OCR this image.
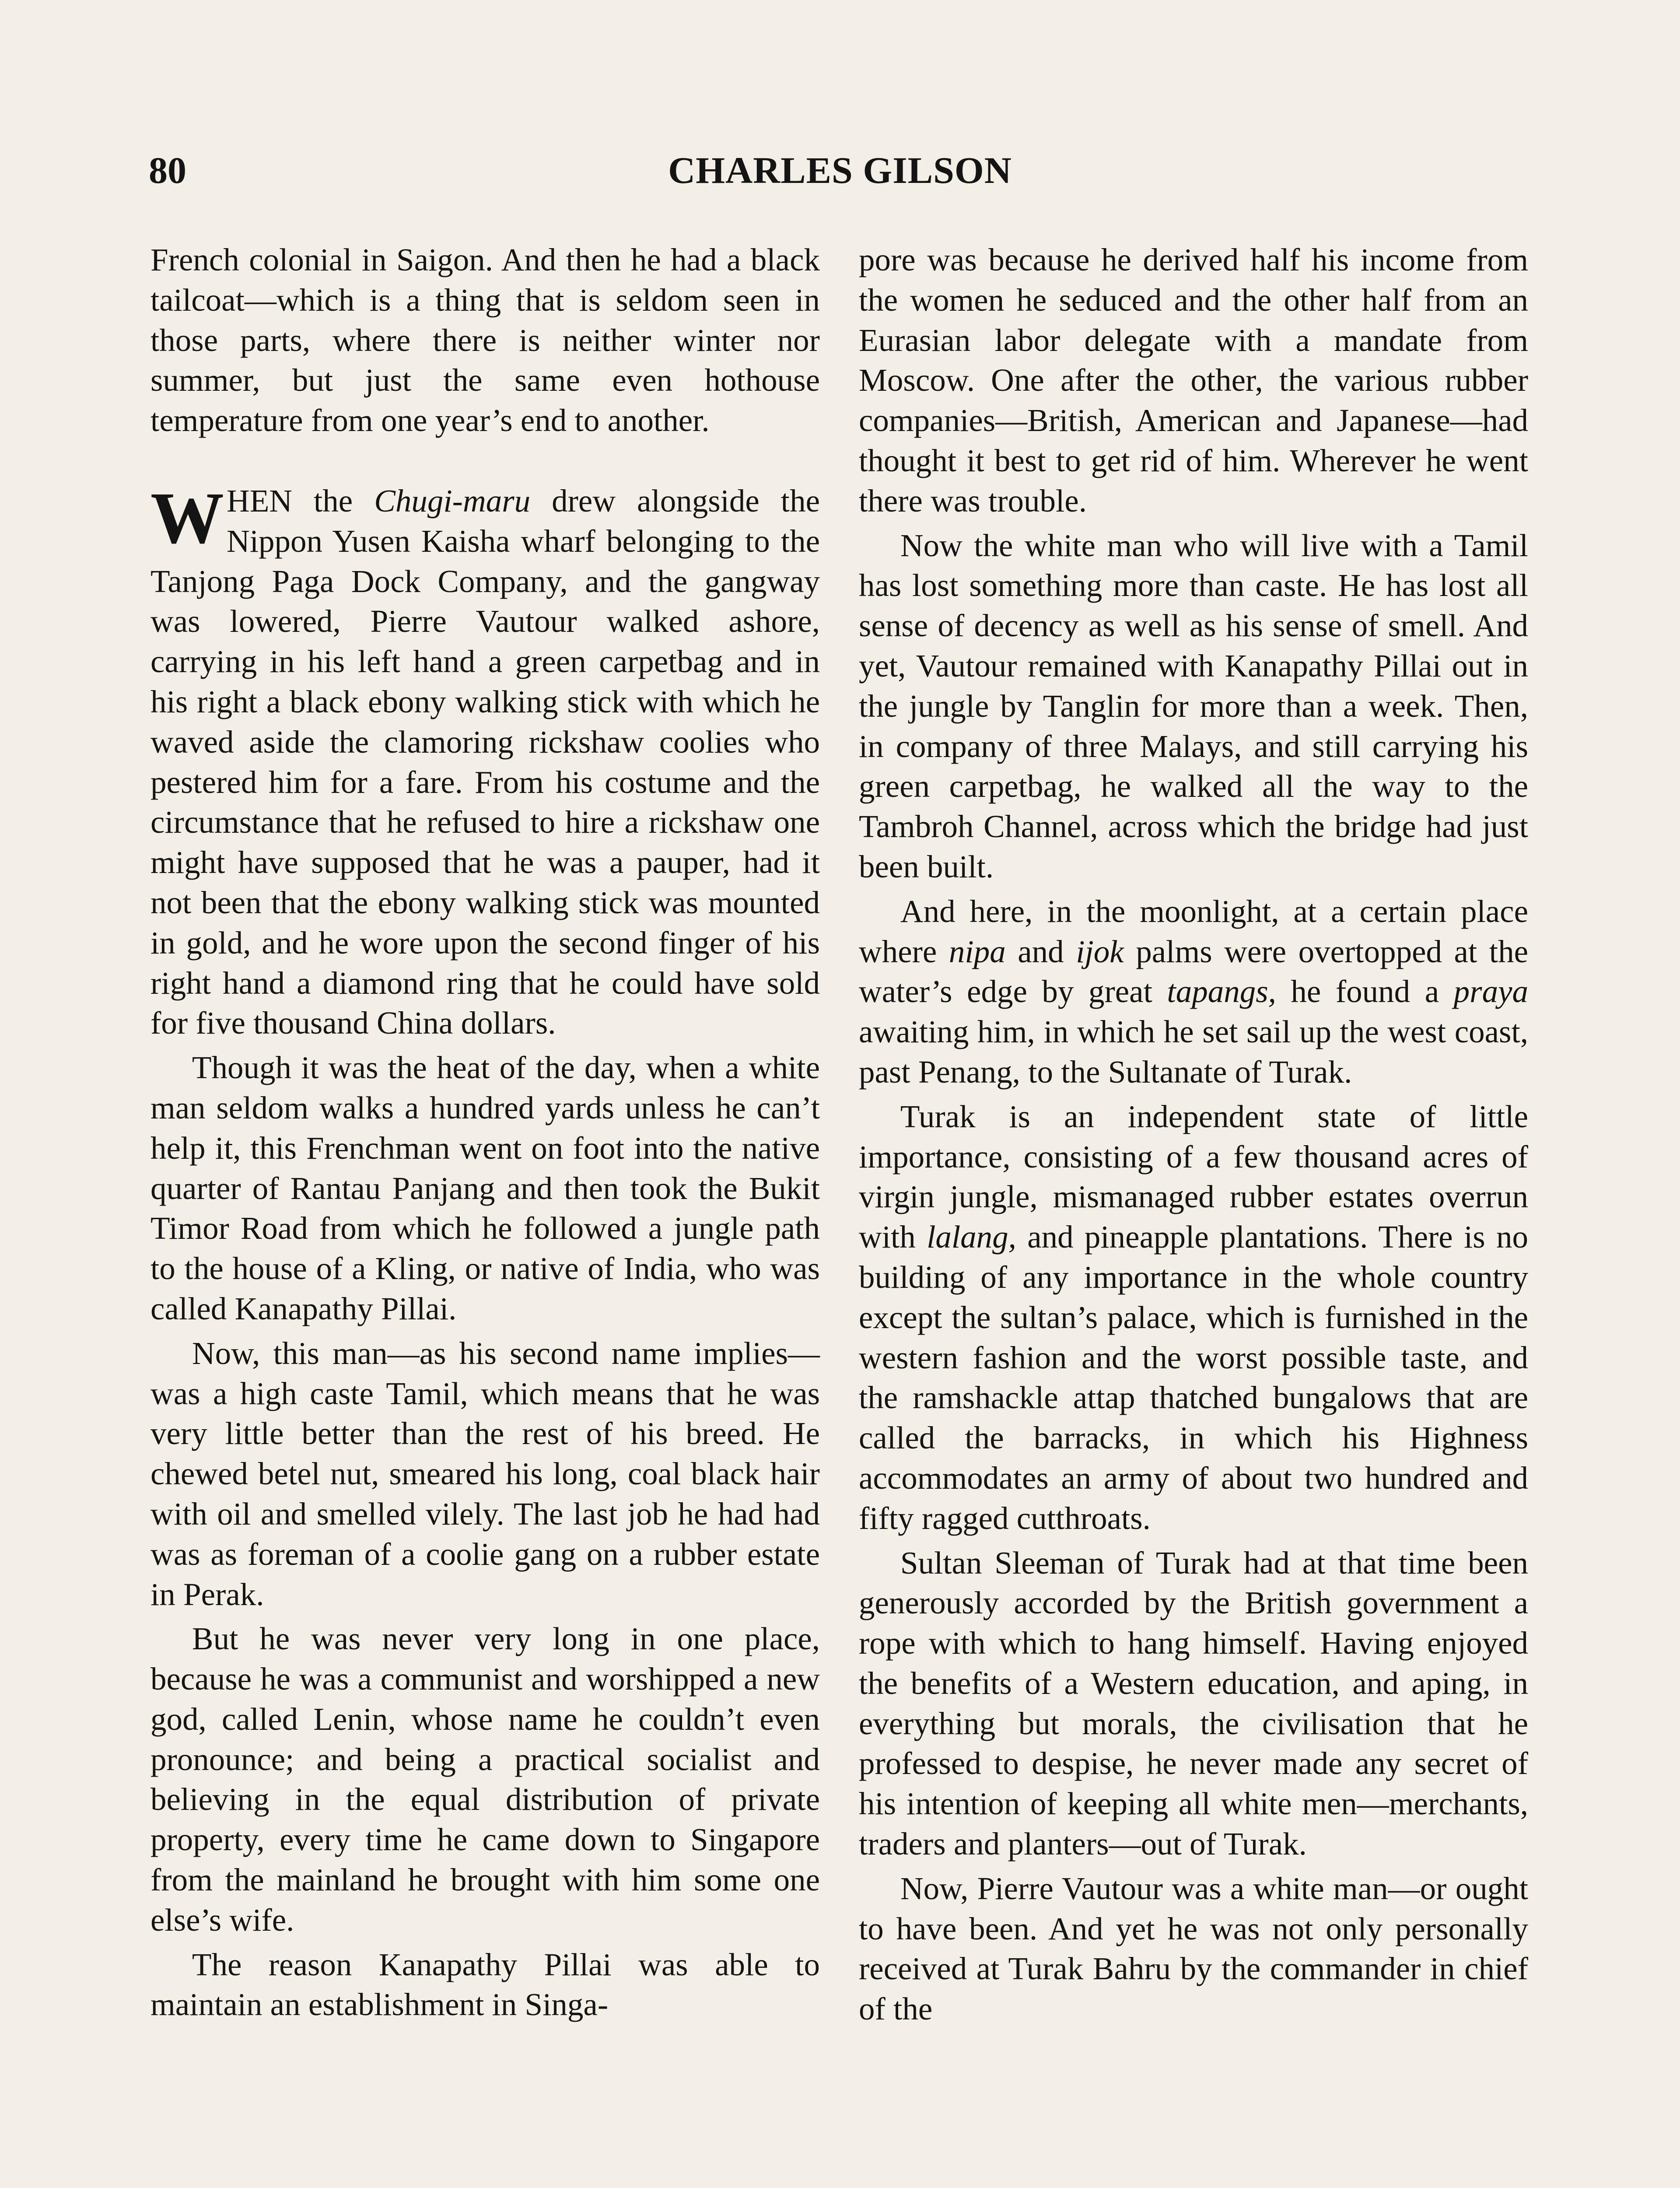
80	CHARLES GILSON

French colonial in Saigon. And then he had a black tailcoat—which is a thing that is seldom seen in those parts, where there is neither winter nor summer, but just the same even hothouse temperature from one year’s end to another.

WHEN the Chugi-maru drew alongside the Nippon Yusen Kaisha wharf belonging to the Tanjong Paga Dock Company, and the gangway was lowered, Pierre Vautour walked ashore, carrying in his left hand a green carpetbag and in his right a black ebony walking stick with which he waved aside the clamoring rickshaw coolies who pestered him for a fare. From his costume and the circumstance that he refused to hire a rickshaw one might have supposed that he was a pauper, had it not been that the ebony walking stick was mounted in gold, and he wore upon the second finger of his right hand a diamond ring that he could have sold for five thousand China dollars.

Though it was the heat of the day, when a white man seldom walks a hundred yards unless he can’t help it, this Frenchman went on foot into the native quarter of Rantau Panjang and then took the Bukit Timor Road from which he followed a jungle path to the house of a Kling, or native of India, who was called Kanapathy Pillai.

Now, this man—as his second name implies—was a high caste Tamil, which means that he was very little better than the rest of his breed. He chewed betel nut, smeared his long, coal black hair with oil and smelled vilely. The last job he had had was as foreman of a coolie gang on a rubber estate in Perak.

But he was never very long in one place, because he was a communist and worshipped a new god, called Lenin, whose name he couldn’t even pronounce; and being a practical socialist and believing in the equal distribution of private property, every time he came down to Singapore from the mainland he brought with him some one else’s wife.

The reason Kanapathy Pillai was able to maintain an establishment in Singa-

pore was because he derived half his income from the women he seduced and the other half from an Eurasian labor delegate with a mandate from Moscow. One after the other, the various rubber companies—British, American and Japanese—had thought it best to get rid of him. Wherever he went there was trouble.

Now the white man who will live with a Tamil has lost something more than caste. He has lost all sense of decency as well as his sense of smell. And yet, Vautour remained with Kanapathy Pillai out in the jungle by Tanglin for more than a week. Then, in company of three Malays, and still carrying his green carpetbag, he walked all the way to the Tambroh Channel, across which the bridge had just been built.

And here, in the moonlight, at a certain place where nipa and ijok palms were overtopped at the water’s edge by great tapangs, he found a praya awaiting him, in which he set sail up the west coast, past Penang, to the Sultanate of Turak.

Turak is an independent state of little importance, consisting of a few thousand acres of virgin jungle, mismanaged rubber estates overrun with lalang, and pineapple plantations. There is no building of any importance in the whole country except the sultan’s palace, which is furnished in the western fashion and the worst possible taste, and the ramshackle attap thatched bungalows that are called the barracks, in which his Highness accommodates an army of about two hundred and fifty ragged cutthroats.

Sultan Sleeman of Turak had at that time been generously accorded by the British government a rope with which to hang himself. Having enjoyed the benefits of a Western education, and aping, in everything but morals, the civilisation that he professed to despise, he never made any secret of his intention of keeping all white men—merchants, traders and planters—out of Turak.

Now, Pierre Vautour was a white man—or ought to have been. And yet he was not only personally received at Turak Bahru by the commander in chief of the
